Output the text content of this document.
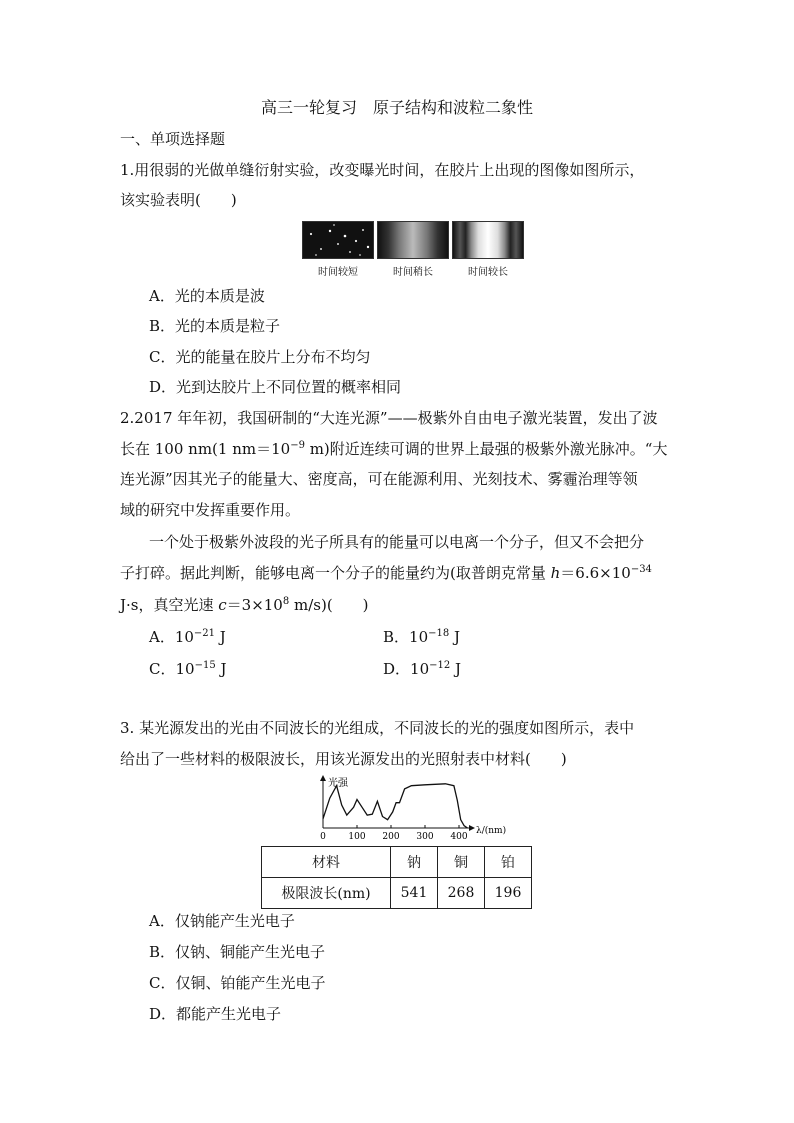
高三一轮复习　原子结构和波粒二象性
一、单项选择题
1.用很弱的光做单缝衍射实验，改变曝光时间，在胶片上出现的图像如图所示，
该实验表明(　　)
时间较短	时间稍长	时间较长
A．光的本质是波
B．光的本质是粒子
C．光的能量在胶片上分布不均匀
D．光到达胶片上不同位置的概率相同
2.2017 年年初，我国研制的“大连光源”——极紫外自由电子激光装置，发出了波
长在 100 nm(1 $nm=10^{-9}$ m)附近连续可调的世界上最强的极紫外激光脉冲。“大
连光源”因其光子的能量大、密度高，可在能源利用、光刻技术、雾霾治理等领
域的研究中发挥重要作用。
一个处于极紫外波段的光子所具有的能量可以电离一个分子，但又不会把分
子打碎。据此判断，能够电离一个分子的能量约为(取普朗克常量 $h=6.6\times 10^{-34}$
J·s，真空光速 $c=3\times 10^8$ m/s)(　　)
A．$10^{-21}$ J	B．$10^{-18}$ J
C．$10^{-15}$ J	D．$10^{-12}$ J
3. 某光源发出的光由不同波长的光组成，不同波长的光的强度如图所示，表中
给出了一些材料的极限波长，用该光源发出的光照射表中材料(　　)
光强
λ/(nm)
0	100 200 300 400
材料	钠	铜	铂
极限波长(nm)	541	268	196
A．仅钠能产生光电子
B．仅钠、铜能产生光电子
C．仅铜、铂能产生光电子
D．都能产生光电子
